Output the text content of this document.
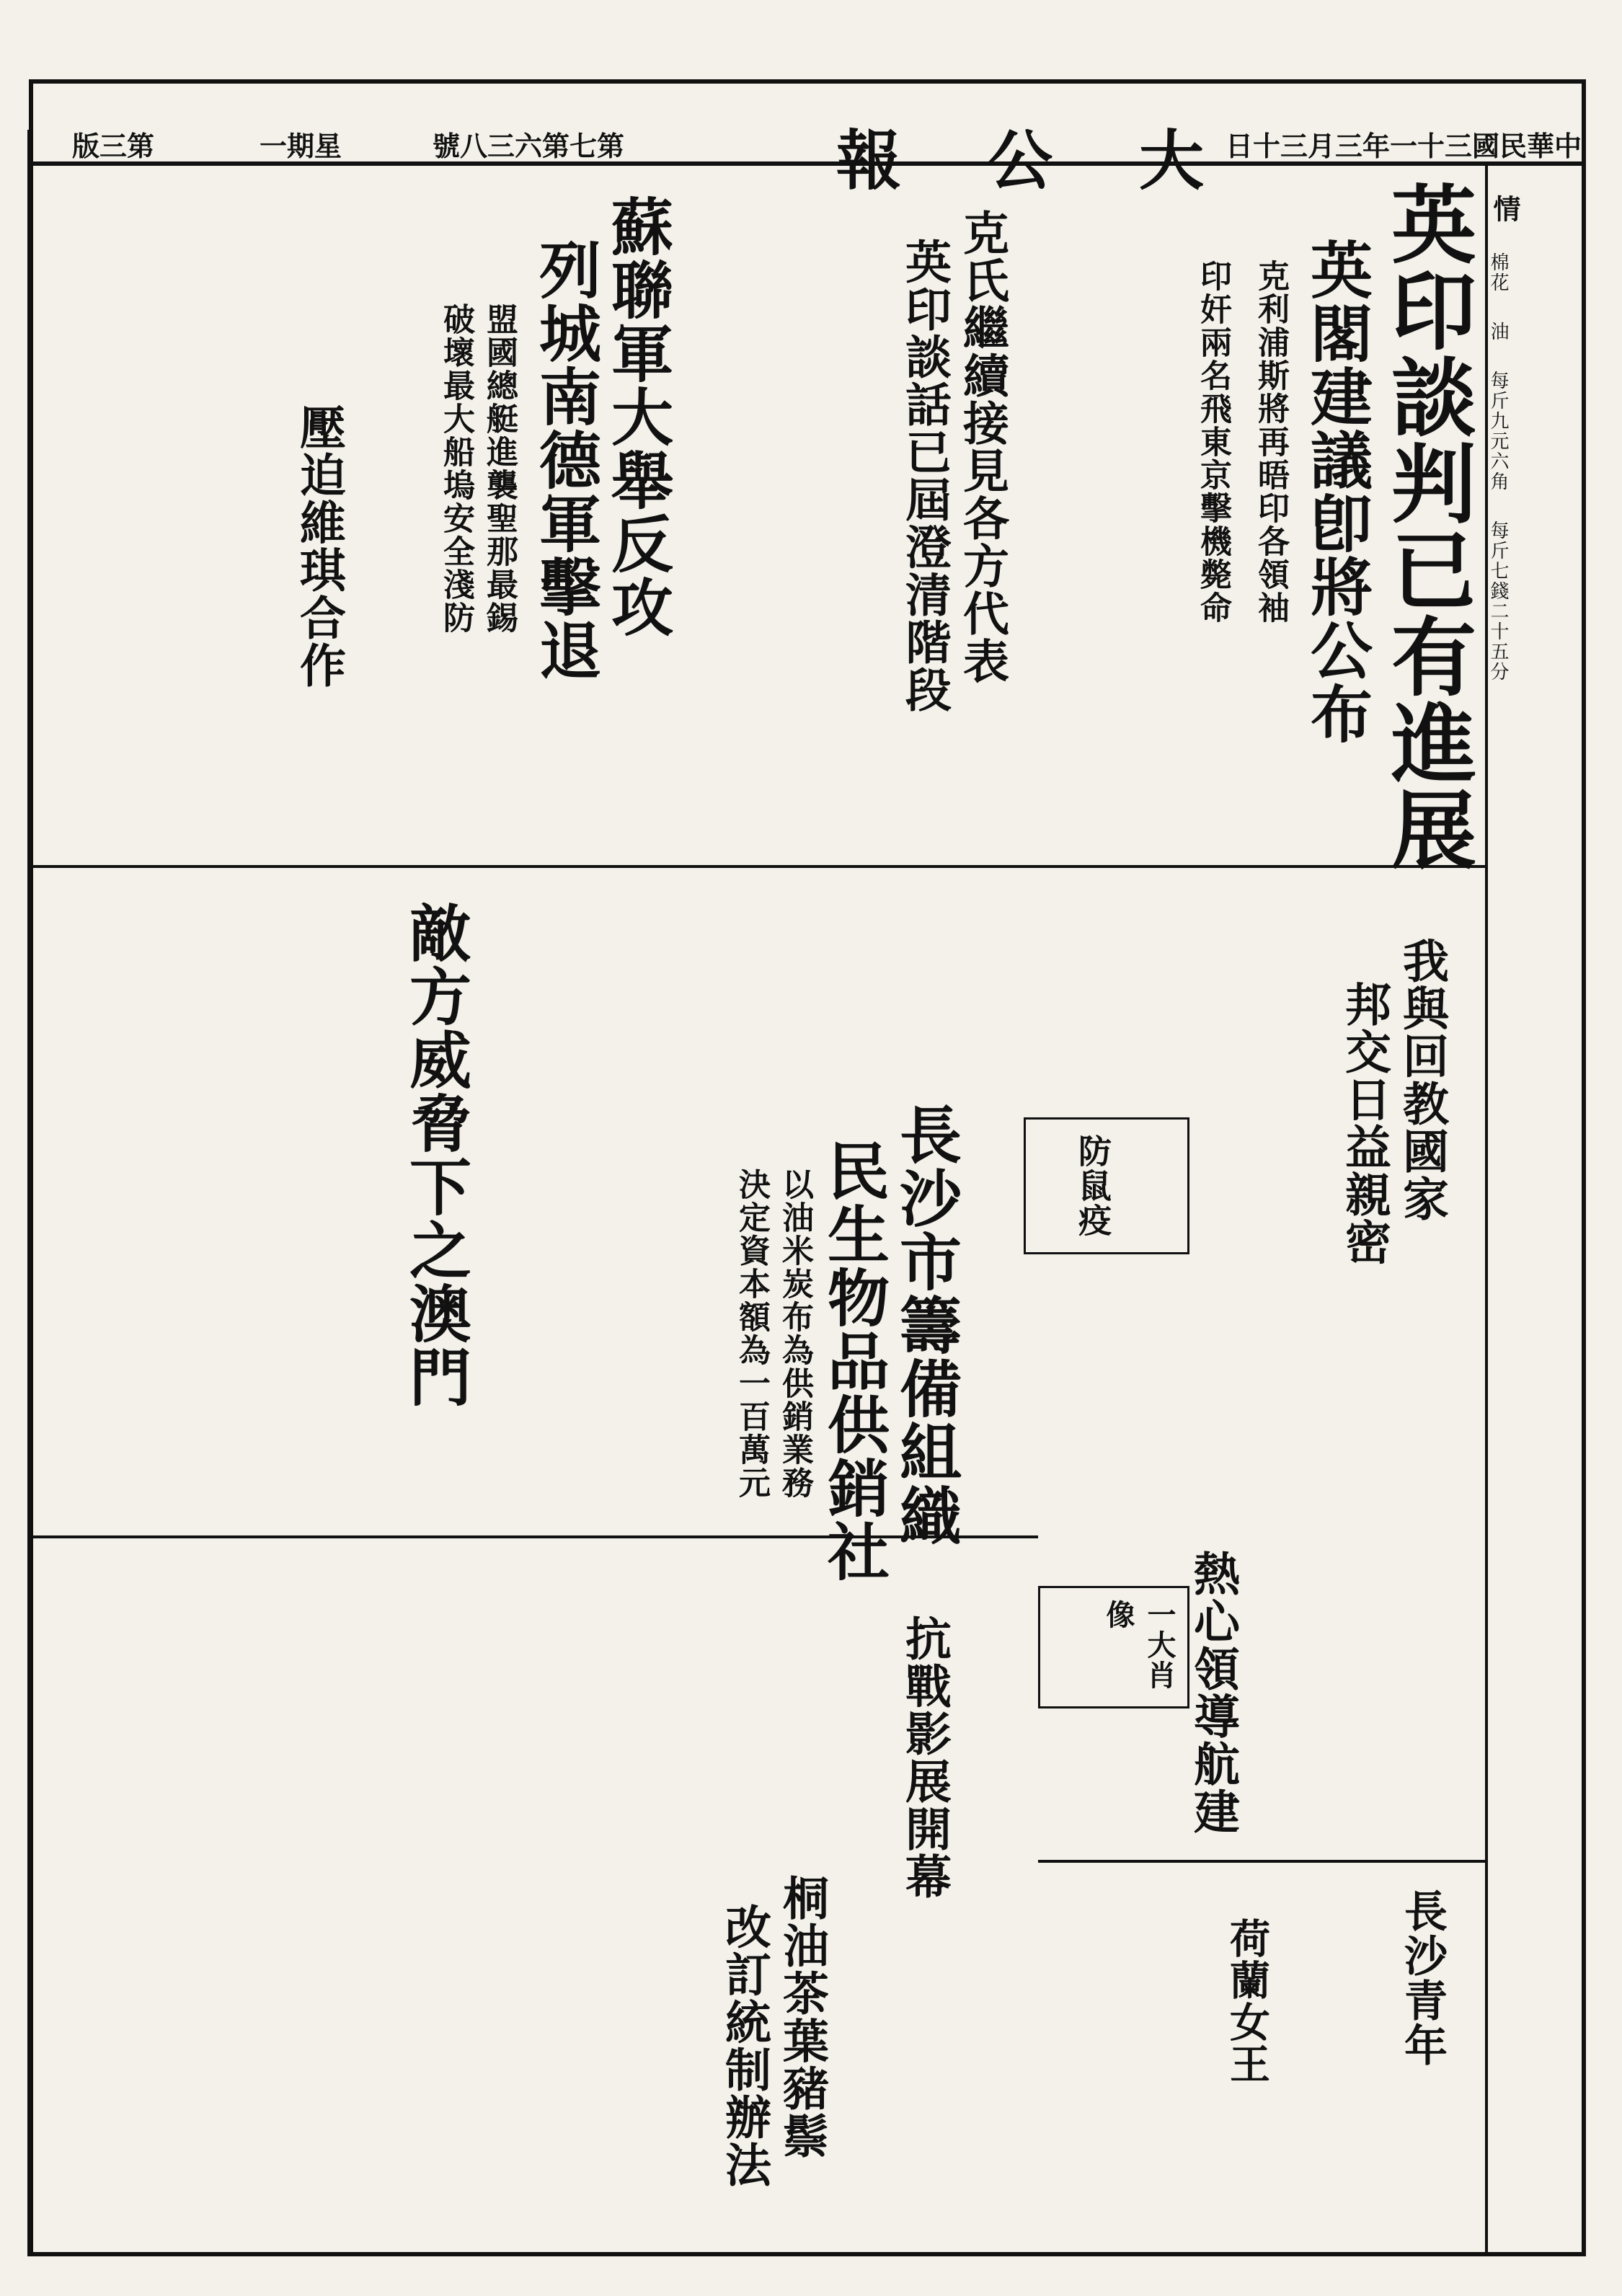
日十三月三年一十三國民華中
報公大
號八三六第七第
一期星
版三第
英印談判已有進展
英閣建議卽將公布
克利浦斯將再晤印各領袖
印奸兩名飛東京擊機斃命
克氏繼續接見各方代表
英印談話已屆澄清階段
蘇聯軍大舉反攻
列城南德軍擊退
盟國總艇進襲聖那最錫
破壞最大船塢安全淺防
壓迫維琪合作
敵方威脅下之澳門	長沙市籌備組織
民生物品供銷社
以油米炭布為供銷業務
決定資本額為一百萬元
我與回教國家
邦交日益親密
防鼠疫
熱心領導航建
抗戰影展開幕
桐油茶葉豬鬃
改訂統制辦法	長沙青年
荷蘭女王
一大肖像
情
棉花
油
每斤九元六角
每斤七錢二十五分
